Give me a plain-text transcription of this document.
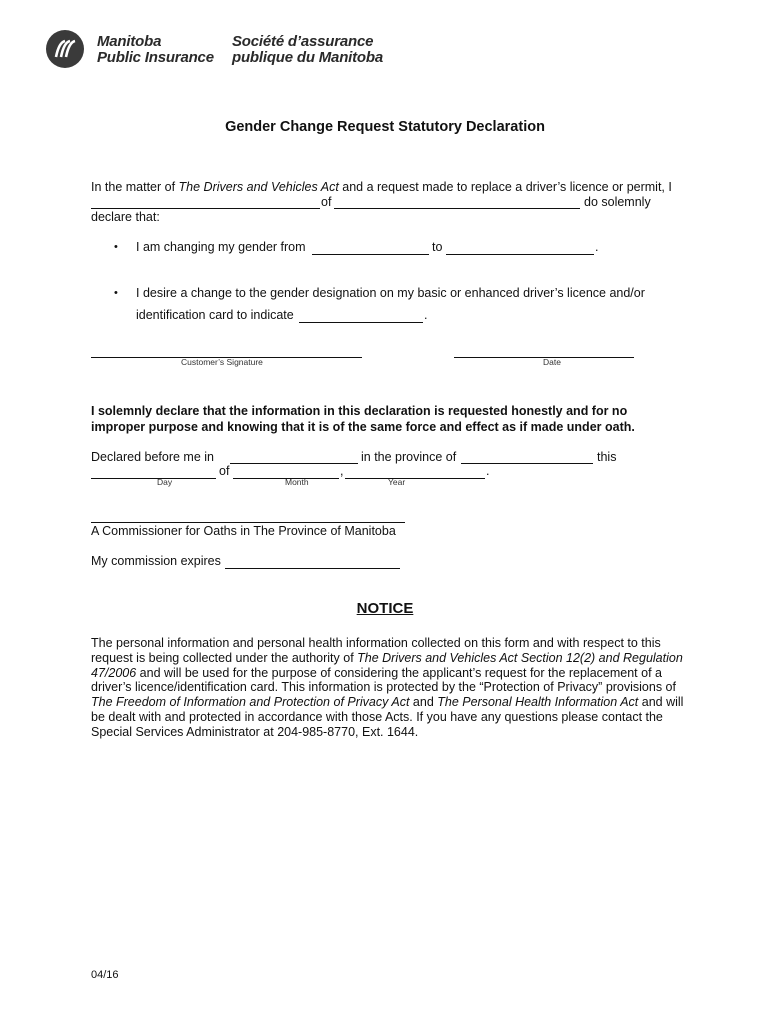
Manitoba
Public Insurance
Société d’assurance
publique du Manitoba
Gender Change Request Statutory Declaration
In the matter of The Drivers and Vehicles Act and a request made to replace a driver’s licence or permit, I
of	do solemnly
declare that:
• I am changing my gender from	to	.
• I desire a change to the gender designation on my basic or enhanced driver’s licence and/or
identification card to indicate	.
Customer’s Signature	Date
I solemnly declare that the information in this declaration is requested honestly and for no
improper purpose and knowing that it is of the same force and effect as if made under oath.
Declared before me in	in the province of	this
of	,	.
Day	Month	Year
A Commissioner for Oaths in The Province of Manitoba
My commission expires
NOTICE
The personal information and personal health information collected on this form and with respect to this request is being collected under the authority of The Drivers and Vehicles Act Section 12(2) and Regulation 47/2006 and will be used for the purpose of considering the applicant’s request for the replacement of a driver’s licence/identification card. This information is protected by the “Protection of Privacy” provisions of The Freedom of Information and Protection of Privacy Act and The Personal Health Information Act and will be dealt with and protected in accordance with those Acts. If you have any questions please contact the Special Services Administrator at 204-985-8770, Ext. 1644.
04/16
